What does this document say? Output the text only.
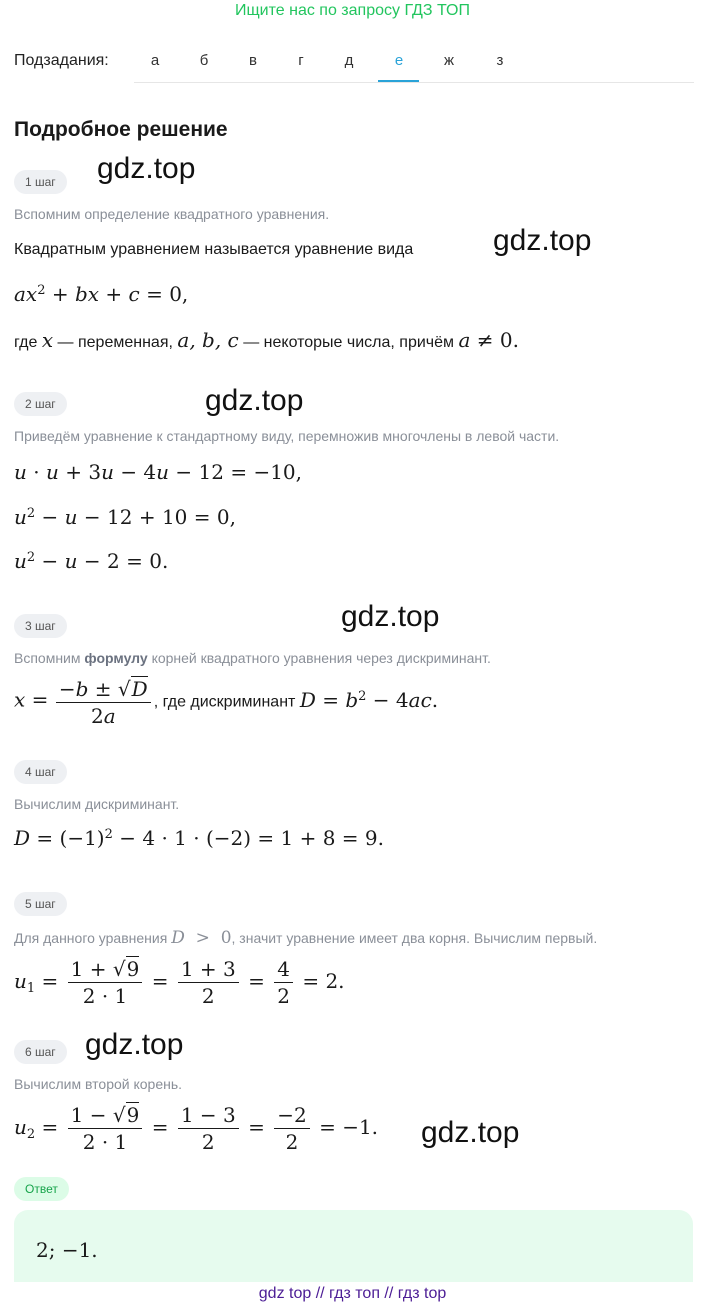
Ищите нас по запросу ГДЗ ТОП
Подзадания:	а	б	в	г	д	е	ж	з
Подробное решение
1 шаг	gdz.top
Вспомним определение квадратного уравнения.
Квадратным уравнением называется уравнение вида	gdz.top
$ax^2$ + bx + c = 0,
где x — переменная, a, b, c — некоторые числа, причём a ≠ 0.
2 шаг	gdz.top
Приведём уравнение к стандартному виду, перемножив многочлены в левой части.
u · u + 3u − 4u − 12 = −10,
$u^2 - u - 12 + 10 = 0$,
$u^2 - u - 2 = 0$.
3 шаг	gdz.top
Вспомним формулу корней квадратного уравнения через дискриминант.
$x = \frac{-b \pm √D}{2a}$ , где дискриминант $D = b^2 - 4ac$.
4 шаг
Вычислим дискриминант.
$D = (-1)^2 - 4 \cdot 1 \cdot (-2) = 1 + 8 = 9$.
5 шаг
Для данного уравнения D  >  0, значит уравнение имеет два корня. Вычислим первый.
$u_1 = \frac{1 + √9}{2 \cdot 1} = \frac{1 + 3}{2} = \frac{4}{2} = 2$.
6 шаг gdz.top
Вычислим второй корень.
$u_2 = \frac{1 - √9}{2 \cdot 1} = \frac{1 - 3}{2} = \frac{-2}{2} = -1$. gdz.top
Ответ
2; −1.
gdz top // гдз топ // гдз top
